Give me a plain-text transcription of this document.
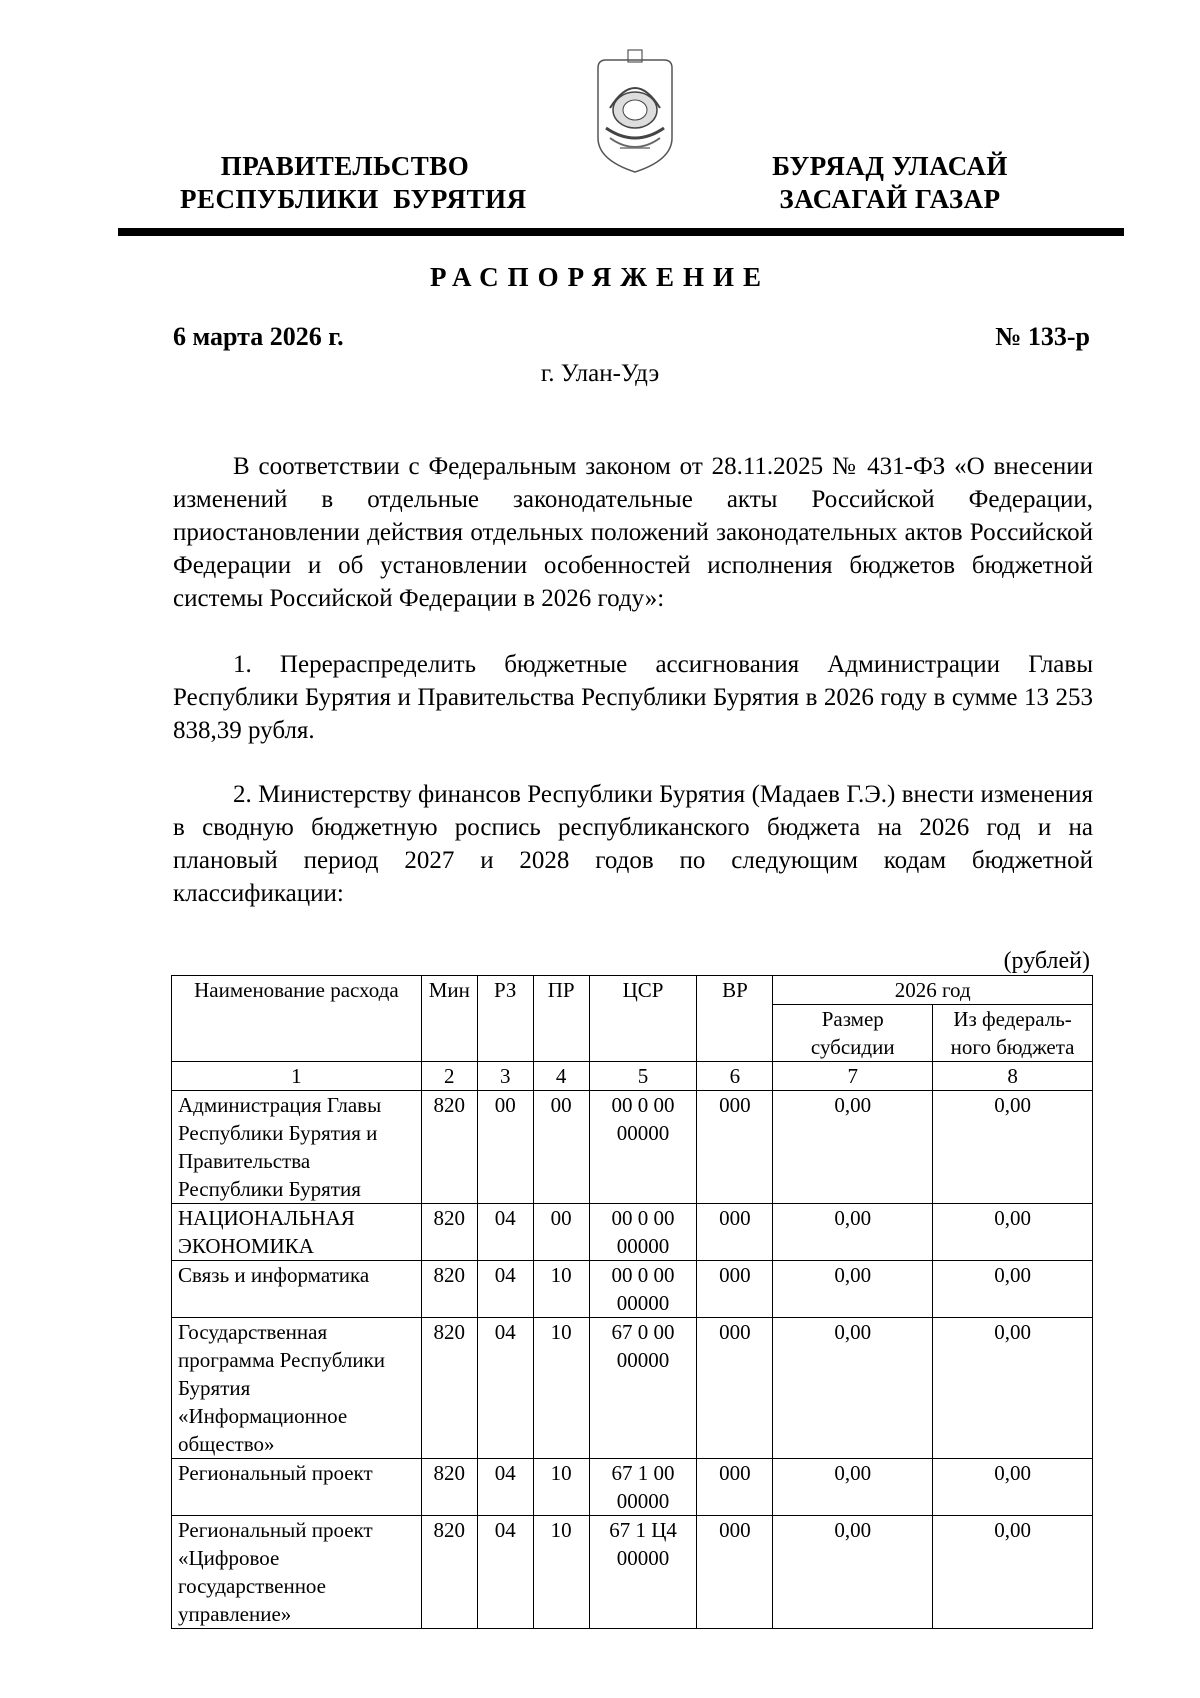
ПРАВИТЕЛЬСТВО
РЕСПУБЛИКИ  БУРЯТИЯ
БУРЯАД УЛАСАЙ
ЗАСАГАЙ ГАЗАР
РАСПОРЯЖЕНИЕ
6 марта 2026 г.	№ 133-р
г. Улан-Удэ

В соответствии с Федеральным законом от 28.11.2025 № 431-ФЗ «О внесении изменений в отдельные законодательные акты Российской Федерации, приостановлении действия отдельных положений законодательных актов Российской Федерации и об установлении особенностей исполнения бюджетов бюджетной системы Российской Федерации в 2026 году»:

1. Перераспределить бюджетные ассигнования Администрации Главы Республики Бурятия и Правительства Республики Бурятия в 2026 году в сумме 13 253 838,39 рубля.

2. Министерству финансов Республики Бурятия (Мадаев Г.Э.) внести изменения в сводную бюджетную роспись республиканского бюджета на 2026 год и на плановый период 2027 и 2028 годов по следующим кодам бюджетной классификации:

(рублей)
Наименование расхода	Мин	РЗ	ПР	ЦСР	ВР	2026 год	
						Размер субсидии	Из федераль-ного бюджета
1	2	3	4	5	6	7	8
Администрация Главы Республики Бурятия и Правительства Республики Бурятия	820	00	00	00 0 00 00000	000	0,00	0,00
НАЦИОНАЛЬНАЯ ЭКОНОМИКА	820	04	00	00 0 00 00000	000	0,00	0,00
Связь и информатика	820	04	10	00 0 00 00000	000	0,00	0,00
Государственная программа Республики Бурятия «Информационное общество»	820	04	10	67 0 00 00000	000	0,00	0,00
Региональный проект	820	04	10	67 1 00 00000	000	0,00	0,00
Региональный проект «Цифровое государственное управление»	820	04	10	67 1 Ц4 00000	000	0,00	0,00
